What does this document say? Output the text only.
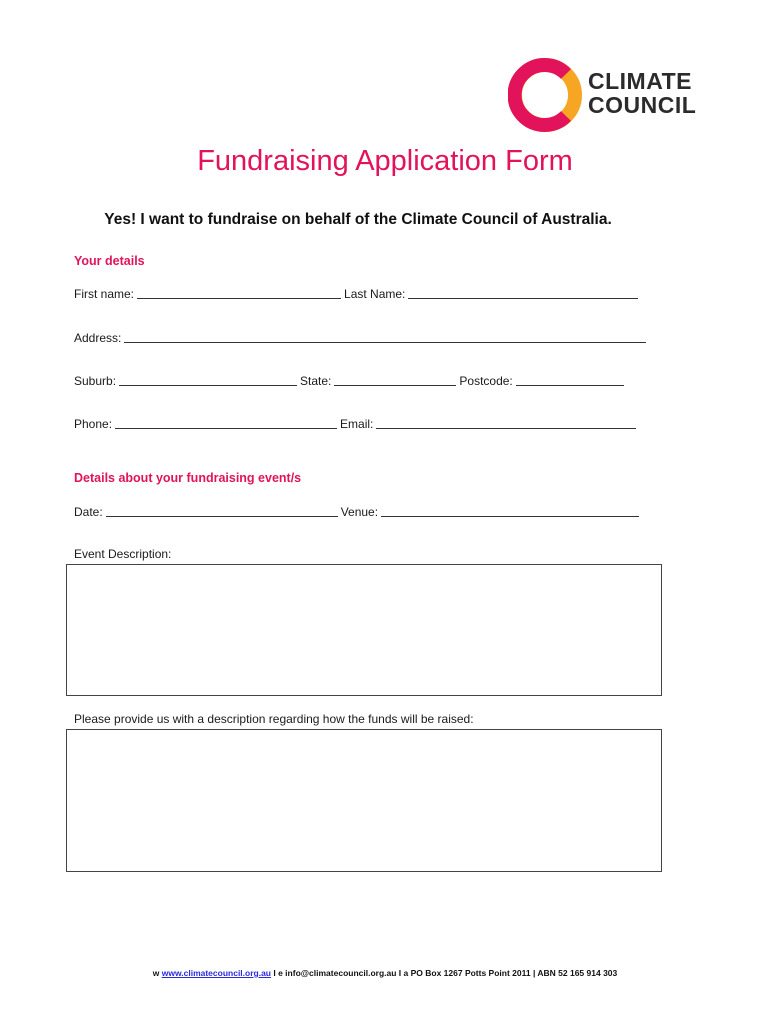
CLIMATE
COUNCIL
Fundraising Application Form
Yes! I want to fundraise on behalf of the Climate Council of Australia.
Your details
First name:	Last Name:
Address:
Suburb:	State:	Postcode:
Phone:	Email:
Details about your fundraising event/s
Date:	Venue:
Event Description:
Please provide us with a description regarding how the funds will be raised:
w www.climatecouncil.org.au I e info@climatecouncil.org.au I a PO Box 1267 Potts Point 2011 | ABN 52 165 914 303
